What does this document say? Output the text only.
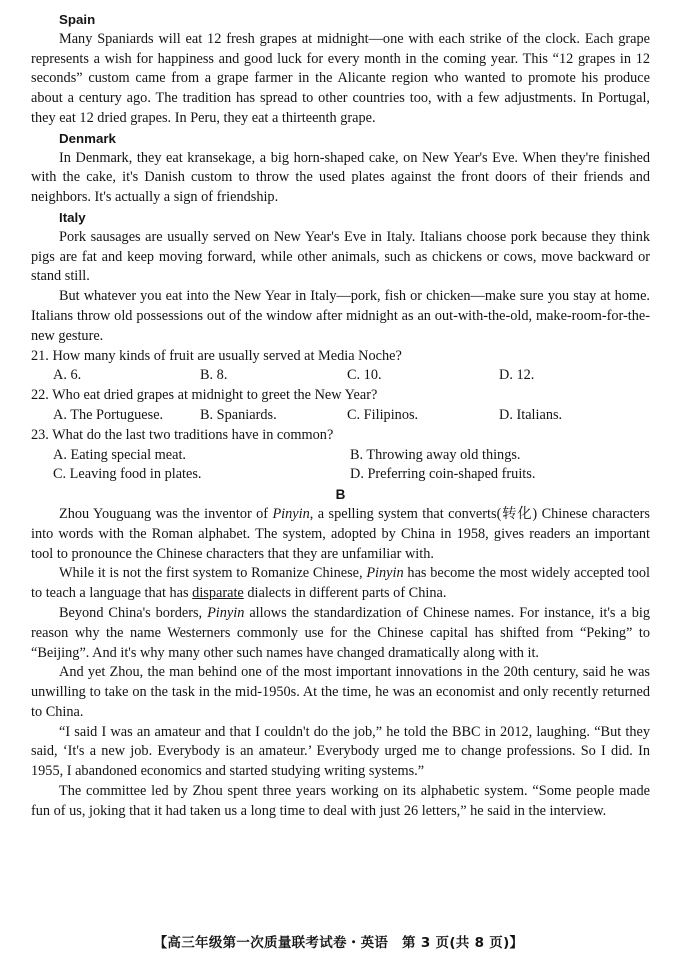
Spain

Many Spaniards will eat 12 fresh grapes at midnight—one with each strike of the clock. Each grape represents a wish for happiness and good luck for every month in the coming year. This “12 grapes in 12 seconds” custom came from a grape farmer in the Alicante region who wanted to promote his produce about a century ago. The tradition has spread to other countries too, with a few adjustments. In Portugal, they eat 12 dried grapes. In Peru, they eat a thirteenth grape.

Denmark

In Denmark, they eat kransekage, a big horn-shaped cake, on New Year's Eve. When they're finished with the cake, it's Danish custom to throw the used plates against the front doors of their friends and neighbors. It's actually a sign of friendship.

Italy

Pork sausages are usually served on New Year's Eve in Italy. Italians choose pork because they think pigs are fat and keep moving forward, while other animals, such as chickens or cows, move backward or stand still.

But whatever you eat into the New Year in Italy—pork, fish or chicken—make sure you stay at home. Italians throw old possessions out of the window after midnight as an out-with-the-old, make-room-for-the-new gesture.

21. How many kinds of fruit are usually served at Media Noche?

A. 6.	B. 8.	C. 10.	D. 12.

22. Who eat dried grapes at midnight to greet the New Year?

A. The Portuguese.	B. Spaniards.	C. Filipinos.	D. Italians.

23. What do the last two traditions have in common?

A. Eating special meat.	B. Throwing away old things.
C. Leaving food in plates.	D. Preferring coin-shaped fruits.
B

Zhou Youguang was the inventor of Pinyin, a spelling system that converts(转化) Chinese characters into words with the Roman alphabet. The system, adopted by China in 1958, gives readers an important tool to pronounce the Chinese characters that they are unfamiliar with.

While it is not the first system to Romanize Chinese, Pinyin has become the most widely accepted tool to teach a language that has disparate dialects in different parts of China.

Beyond China's borders, Pinyin allows the standardization of Chinese names. For instance, it's a big reason why the name Westerners commonly use for the Chinese capital has shifted from “Peking” to “Beijing”. And it's why many other such names have changed dramatically along with it.

And yet Zhou, the man behind one of the most important innovations in the 20th century, said he was unwilling to take on the task in the mid-1950s. At the time, he was an economist and only recently returned to China.

“I said I was an amateur and that I couldn't do the job,” he told the BBC in 2012, laughing. “But they said, ‘It's a new job. Everybody is an amateur.’ Everybody urged me to change professions. So I did. In 1955, I abandoned economics and started studying writing systems.”

The committee led by Zhou spent three years working on its alphabetic system. “Some people made fun of us, joking that it had taken us a long time to deal with just 26 letters,” he said in the interview.

【高三年级第一次质量联考试卷・英语　第 3 页(共 8 页)】
